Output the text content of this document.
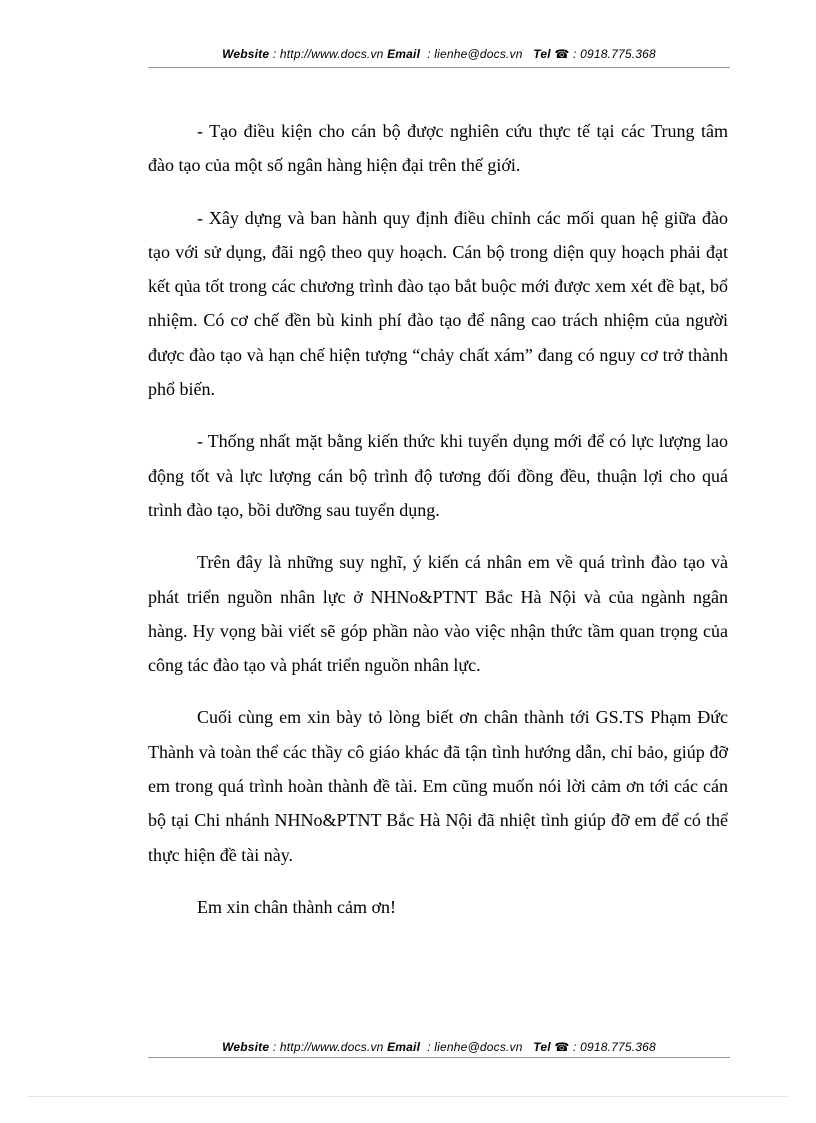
Website : http://www.docs.vn Email  : lienhe@docs.vn Tel ☎ : 0918.775.368

- Tạo điều kiện cho cán bộ được nghiên cứu thực tế tại các Trung tâm đào tạo của một số ngân hàng hiện đại trên thế giới.

- Xây dựng và ban hành quy định điều chỉnh các mối quan hệ giữa đào tạo với sử dụng, đãi ngộ theo quy hoạch. Cán bộ trong diện quy hoạch phải đạt kết qủa tốt trong các chương trình đào tạo bắt buộc mới được xem xét đề bạt, bổ nhiệm. Có cơ chế đền bù kinh phí đào tạo để nâng cao trách nhiệm của người được đào tạo và hạn chế hiện tượng “chảy chất xám” đang có nguy cơ trở thành phổ biến.

- Thống nhất mặt bằng kiến thức khi tuyển dụng mới để có lực lượng lao động tốt và lực lượng cán bộ trình độ tương đối đồng đều, thuận lợi cho quá trình đào tạo, bồi dưỡng sau tuyển dụng.

Trên đây là những suy nghĩ, ý kiến cá nhân em về quá trình đào tạo và phát triển nguồn nhân lực ở NHNo&PTNT Bắc Hà Nội và của ngành ngân hàng. Hy vọng bài viết sẽ góp phần nào vào việc nhận thức tầm quan trọng của công tác đào tạo và phát triển nguồn nhân lực.

Cuối cùng em xin bày tỏ lòng biết ơn chân thành tới GS.TS Phạm Đức Thành và toàn thể các thầy cô giáo khác đã tận tình hướng dẫn, chỉ bảo, giúp đỡ em trong quá trình hoàn thành đề tài. Em cũng muốn nói lời cảm ơn tới các cán bộ tại Chi nhánh NHNo&PTNT Bắc Hà Nội đã nhiệt tình giúp đỡ em để có thể thực hiện đề tài này.

Em xin chân thành cảm ơn!

Website : http://www.docs.vn Email  : lienhe@docs.vn Tel ☎ : 0918.775.368
